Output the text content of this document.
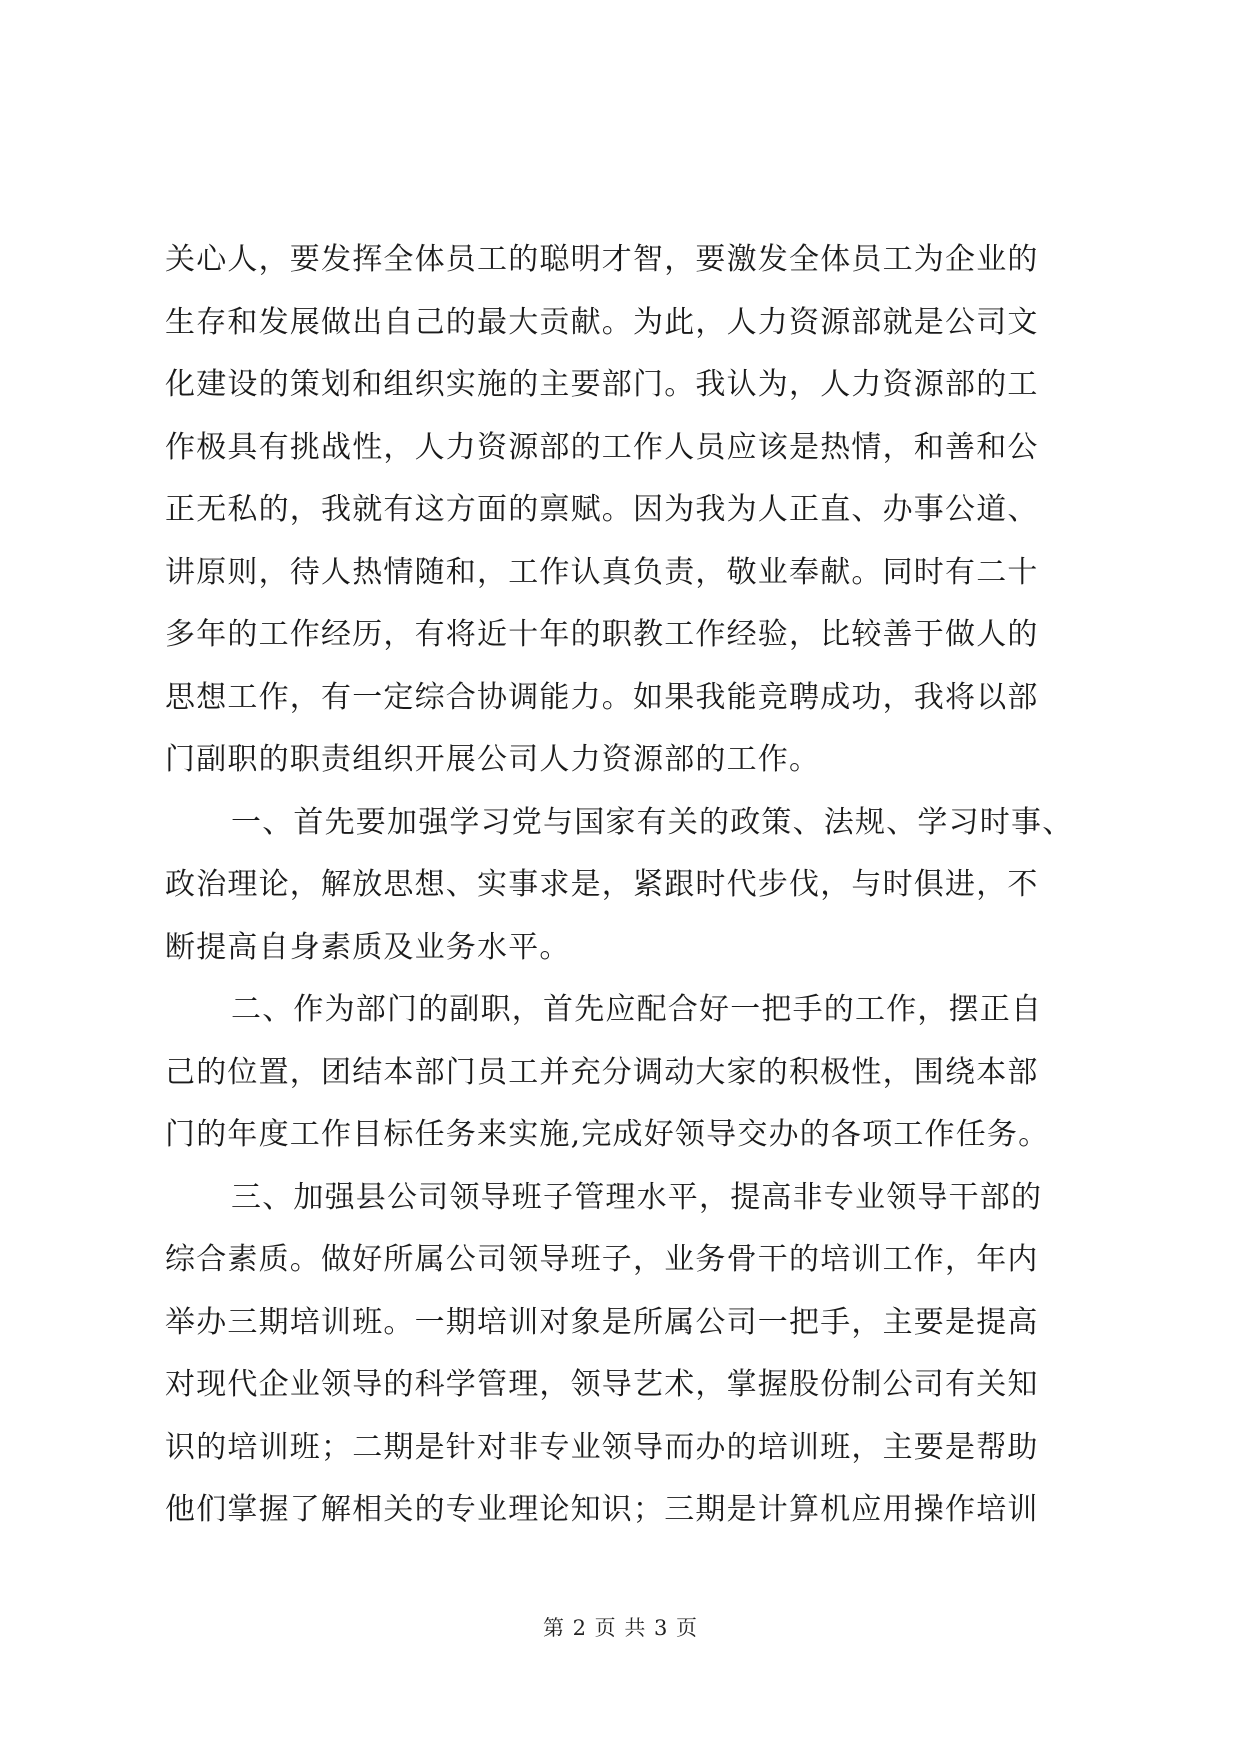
关心人，要发挥全体员工的聪明才智，要激发全体员工为企业的
生存和发展做出自己的最大贡献。为此，人力资源部就是公司文
化建设的策划和组织实施的主要部门。我认为，人力资源部的工
作极具有挑战性，人力资源部的工作人员应该是热情，和善和公
正无私的，我就有这方面的禀赋。因为我为人正直、办事公道、
讲原则，待人热情随和，工作认真负责，敬业奉献。同时有二十
多年的工作经历，有将近十年的职教工作经验，比较善于做人的
思想工作，有一定综合协调能力。如果我能竞聘成功，我将以部
门副职的职责组织开展公司人力资源部的工作。
一、首先要加强学习党与国家有关的政策、法规、学习时事、
政治理论，解放思想、实事求是，紧跟时代步伐，与时俱进，不
断提高自身素质及业务水平。
二、作为部门的副职，首先应配合好一把手的工作，摆正自
己的位置，团结本部门员工并充分调动大家的积极性，围绕本部
门的年度工作目标任务来实施,完成好领导交办的各项工作任务。
三、加强县公司领导班子管理水平，提高非专业领导干部的
综合素质。做好所属公司领导班子，业务骨干的培训工作，年内
举办三期培训班。一期培训对象是所属公司一把手，主要是提高
对现代企业领导的科学管理，领导艺术，掌握股份制公司有关知
识的培训班；二期是针对非专业领导而办的培训班，主要是帮助
他们掌握了解相关的专业理论知识；三期是计算机应用操作培训
第 2 页 共 3 页
